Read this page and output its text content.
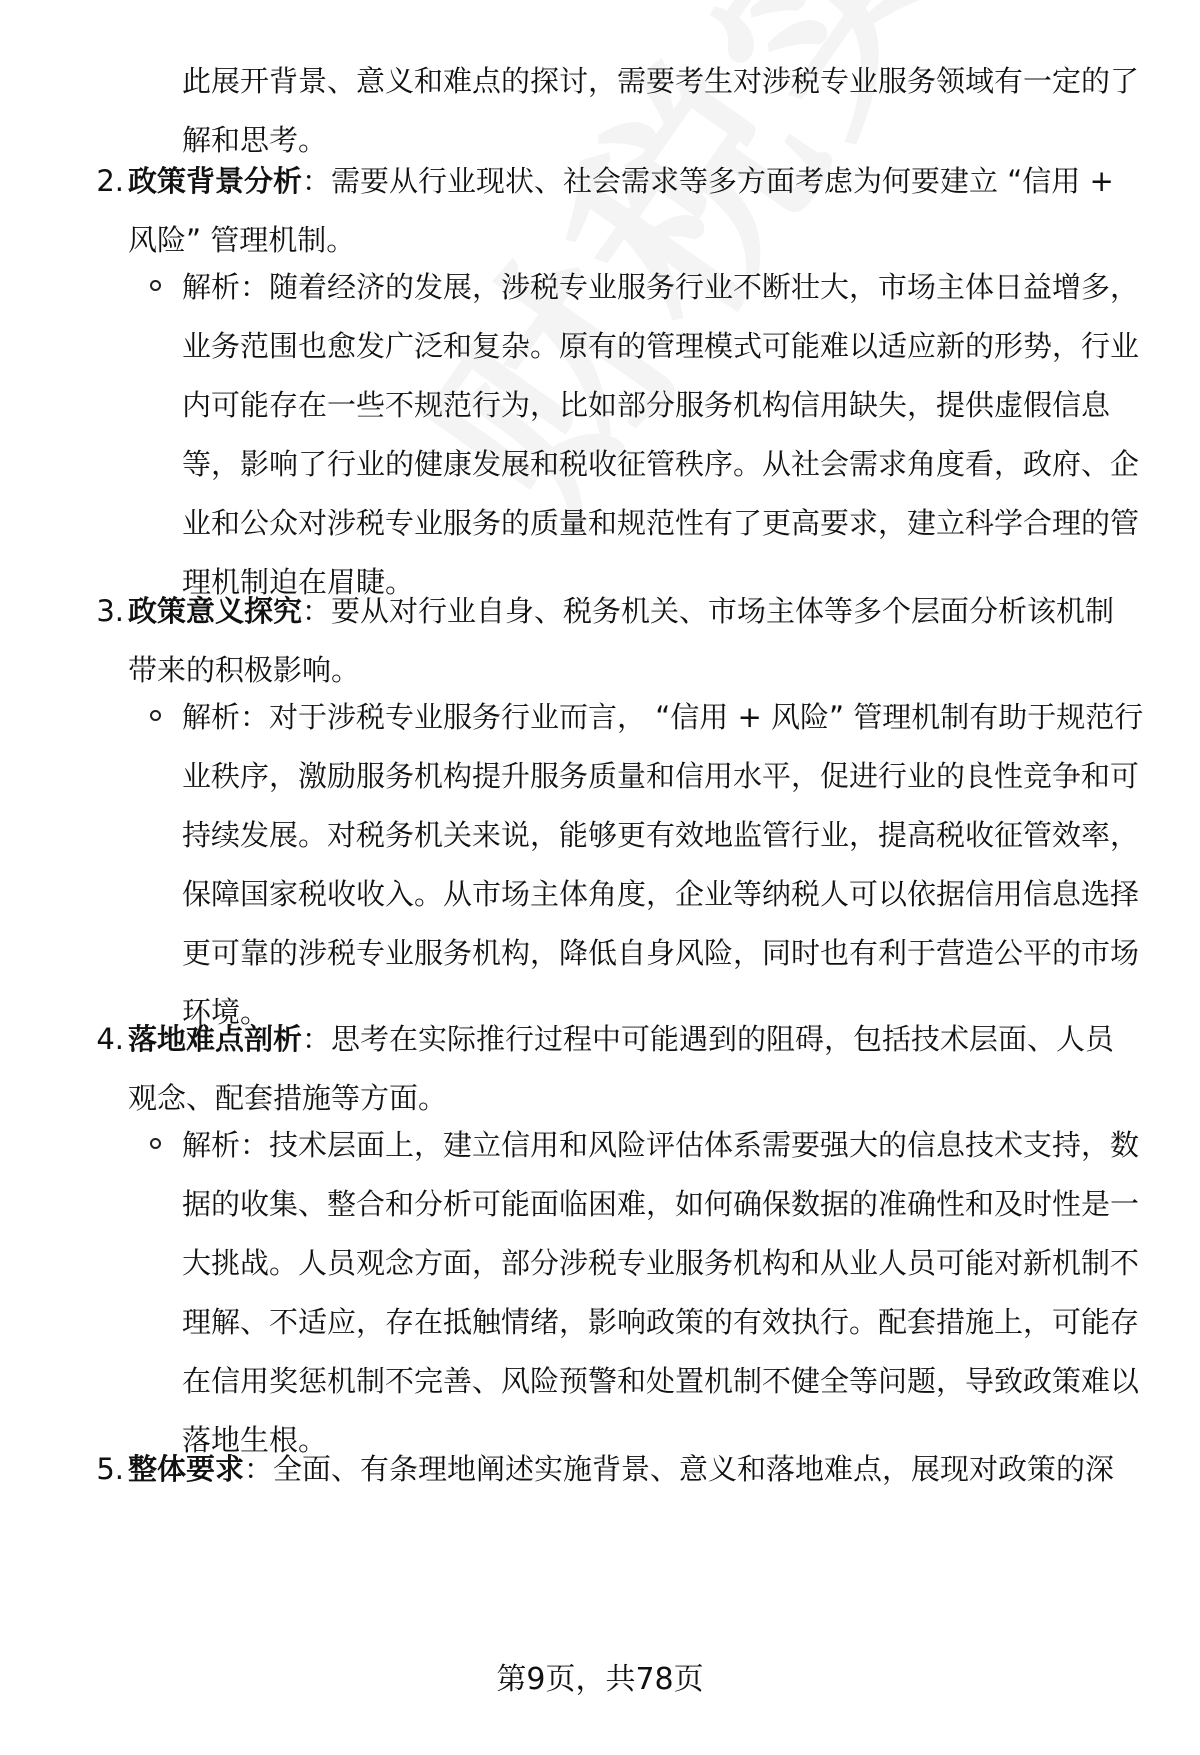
此展开背景、意义和难点的探讨，需要考生对涉税专业服务领域有一定的了解和思考。
2. 政策背景分析：需要从行业现状、社会需求等多方面考虑为何要建立 “信用 + 风险” 管理机制。
解析：随着经济的发展，涉税专业服务行业不断壮大，市场主体日益增多，业务范围也愈发广泛和复杂。原有的管理模式可能难以适应新的形势，行业内可能存在一些不规范行为，比如部分服务机构信用缺失，提供虚假信息等，影响了行业的健康发展和税收征管秩序。从社会需求角度看，政府、企业和公众对涉税专业服务的质量和规范性有了更高要求，建立科学合理的管理机制迫在眉睫。
3. 政策意义探究：要从对行业自身、税务机关、市场主体等多个层面分析该机制带来的积极影响。
解析：对于涉税专业服务行业而言， “信用 + 风险” 管理机制有助于规范行业秩序，激励服务机构提升服务质量和信用水平，促进行业的良性竞争和可持续发展。对税务机关来说，能够更有效地监管行业，提高税收征管效率，保障国家税收收入。从市场主体角度，企业等纳税人可以依据信用信息选择更可靠的涉税专业服务机构，降低自身风险，同时也有利于营造公平的市场环境。
4. 落地难点剖析：思考在实际推行过程中可能遇到的阻碍，包括技术层面、人员观念、配套措施等方面。
解析：技术层面上，建立信用和风险评估体系需要强大的信息技术支持，数据的收集、整合和分析可能面临困难，如何确保数据的准确性和及时性是一大挑战。人员观念方面，部分涉税专业服务机构和从业人员可能对新机制不理解、不适应，存在抵触情绪，影响政策的有效执行。配套措施上，可能存在信用奖惩机制不完善、风险预警和处置机制不健全等问题，导致政策难以落地生根。
5. 整体要求：全面、有条理地阐述实施背景、意义和落地难点，展现对政策的深
第9页，共78页
